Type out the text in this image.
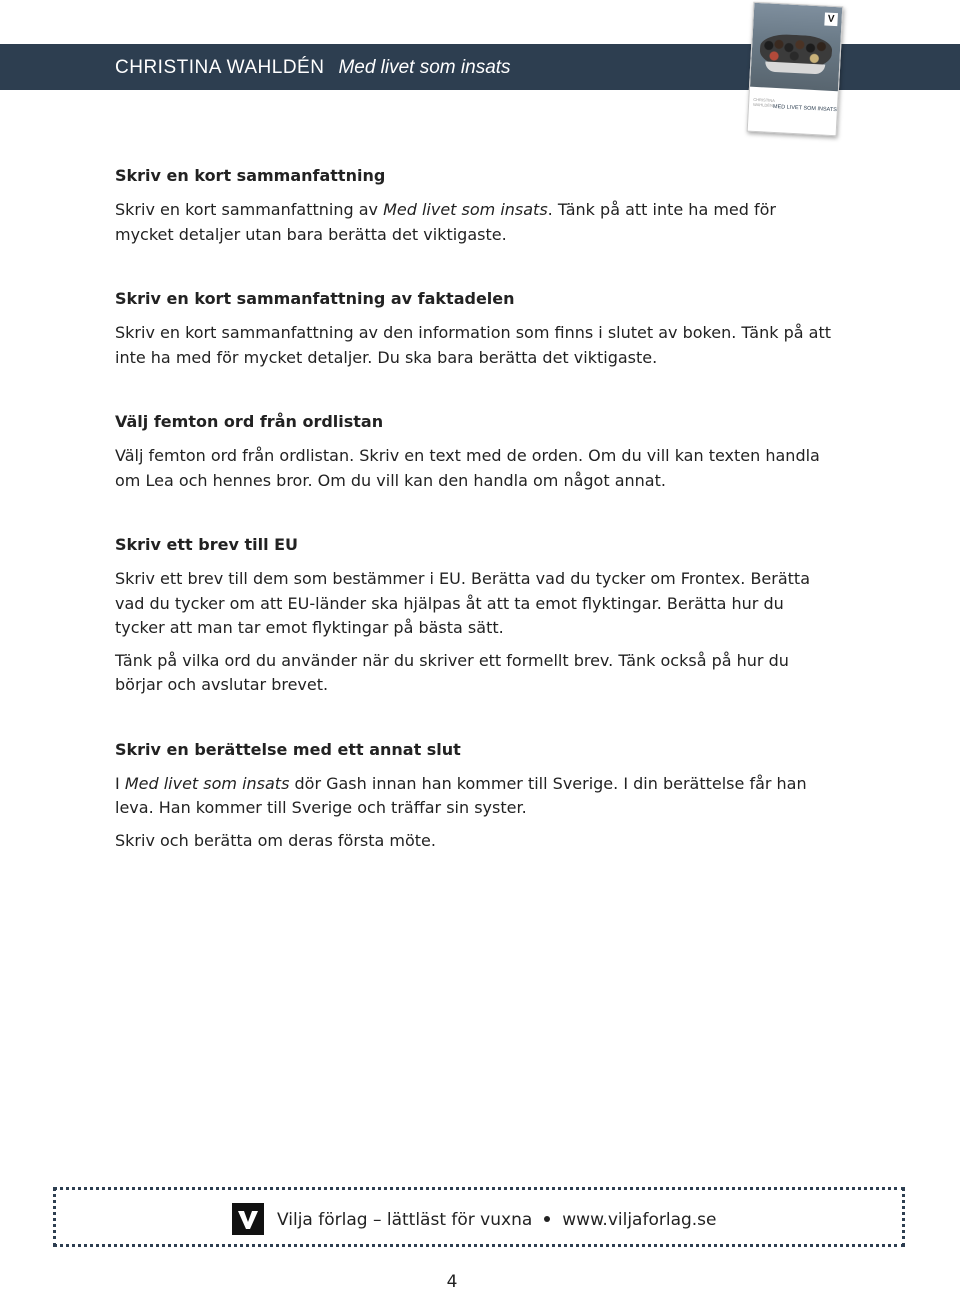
CHRISTINA WAHLDÉN Med livet som insats
V
CHRISTINA WAHLDÉN MED LIVET SOM INSATS
Skriv en kort sammanfattning

Skriv en kort sammanfattning av Med livet som insats. Tänk på att inte ha med för mycket detaljer utan bara berätta det viktigaste.

Skriv en kort sammanfattning av faktadelen

Skriv en kort sammanfattning av den information som finns i slutet av boken. Tänk på att inte ha med för mycket detaljer. Du ska bara berätta det viktigaste.

Välj femton ord från ordlistan

Välj femton ord från ordlistan. Skriv en text med de orden. Om du vill kan texten handla om Lea och hennes bror. Om du vill kan den handla om något annat.

Skriv ett brev till EU

Skriv ett brev till dem som bestämmer i EU. Berätta vad du tycker om Frontex. Berätta vad du tycker om att EU-länder ska hjälpas åt att ta emot flyktingar. Berätta hur du tycker att man tar emot flyktingar på bästa sätt.

Tänk på vilka ord du använder när du skriver ett formellt brev. Tänk också på hur du börjar och avslutar brevet.

Skriv en berättelse med ett annat slut

I Med livet som insats dör Gash innan han kommer till Sverige. I din berättelse får han leva. Han kommer till Sverige och träffar sin syster.

Skriv och berätta om deras första möte.

Vilja förlag – lättläst för vuxna www.viljaforlag.se
4
